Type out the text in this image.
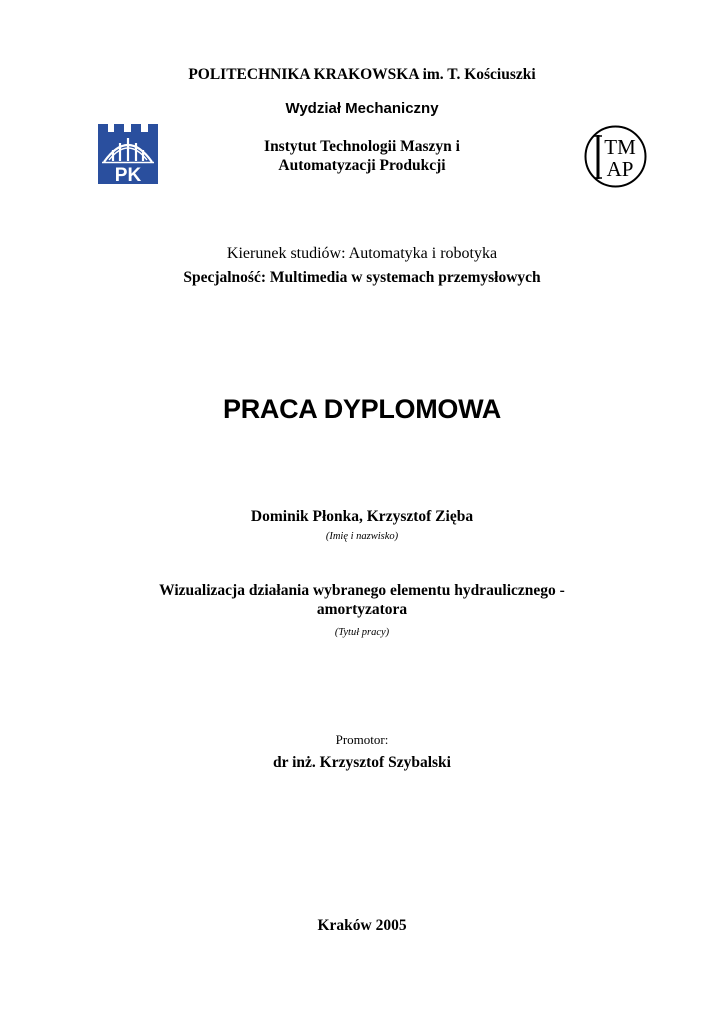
POLITECHNIKA KRAKOWSKA im. T. Kościuszki
Wydział Mechaniczny
Instytut Technologii Maszyn i
Automatyzacji Produkcji
PK
TM
AP
Kierunek studiów: Automatyka i robotyka
Specjalność: Multimedia w systemach przemysłowych
PRACA DYPLOMOWA
Dominik Płonka, Krzysztof Zięba
(Imię i nazwisko)
Wizualizacja działania wybranego elementu hydraulicznego -
amortyzatora
(Tytuł pracy)
Promotor:
dr inż. Krzysztof Szybalski
Kraków 2005
